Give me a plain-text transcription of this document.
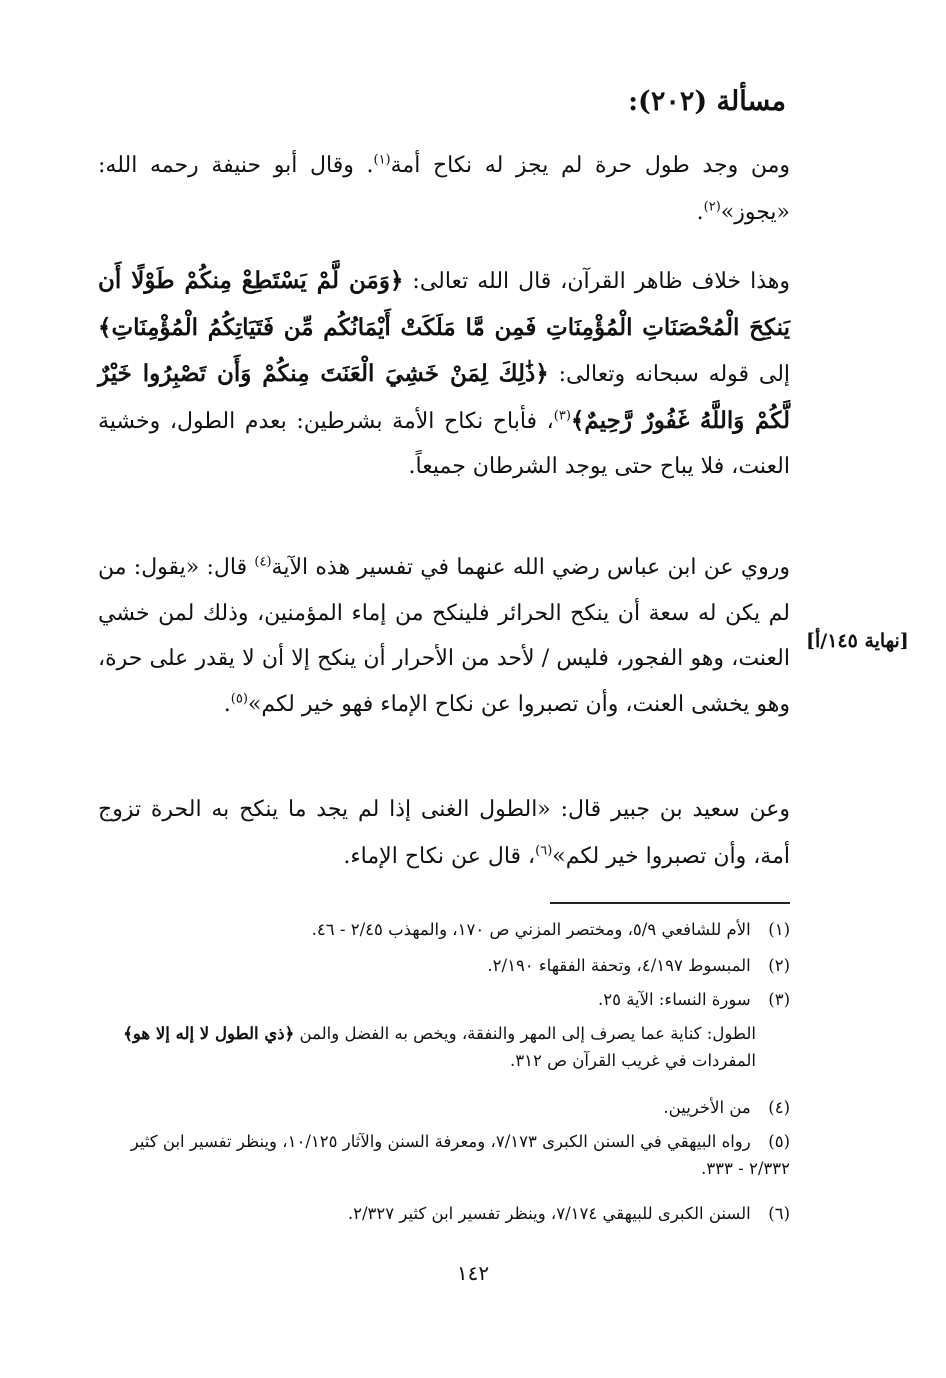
مسألة (٢٠٢):
ومن وجد طول حرة لم يجز له نكاح أمة$^{(١)}$. وقال أبو حنيفة رحمه الله: «يجوز»$^{(٢)}$.
وهذا خلاف ظاهر القرآن، قال الله تعالى: ﴿وَمَن لَّمْ يَسْتَطِعْ مِنكُمْ طَوْلًا أَن يَنكِحَ الْمُحْصَنَاتِ الْمُؤْمِنَاتِ فَمِن مَّا مَلَكَتْ أَيْمَانُكُم مِّن فَتَيَاتِكُمُ الْمُؤْمِنَاتِ﴾ إلى قوله سبحانه وتعالى: ﴿ذَٰلِكَ لِمَنْ خَشِيَ الْعَنَتَ مِنكُمْ وَأَن تَصْبِرُوا خَيْرٌ لَّكُمْ وَاللَّهُ غَفُورٌ رَّحِيمٌ﴾$^{(٣)}$، فأباح نكاح الأمة بشرطين: بعدم الطول، وخشية العنت، فلا يباح حتى يوجد الشرطان جميعاً.
وروي عن ابن عباس رضي الله عنهما في تفسير هذه الآية$^{(٤)}$ قال: «يقول: من لم يكن له سعة أن ينكح الحرائر فلينكح من إماء المؤمنين، وذلك لمن خشي العنت، وهو الفجور، فليس / لأحد من الأحرار أن ينكح إلا أن لا يقدر على حرة، وهو يخشى العنت، وأن تصبروا عن نكاح الإماء فهو خير لكم»$^{(٥)}$.
[نهاية ١٤٥/أ]
وعن سعيد بن جبير قال: «الطول الغنى إذا لم يجد ما ينكح به الحرة تزوج أمة، وأن تصبروا خير لكم»$^{(٦)}$، قال عن نكاح الإماء.
(١) الأم للشافعي ٥/٩، ومختصر المزني ص ١٧٠، والمهذب ٢/٤٥ - ٤٦.
(٢) المبسوط ٤/١٩٧، وتحفة الفقهاء ٢/١٩٠.
(٣) سورة النساء: الآية ٢٥.
الطول: كناية عما يصرف إلى المهر والنفقة، ويخص به الفضل والمن ﴿ذي الطول لا إله إلا هو﴾ المفردات في غريب القرآن ص ٣١٢.
(٤) من الأخريين.
(٥) رواه البيهقي في السنن الكبرى ٧/١٧٣، ومعرفة السنن والآثار ١٠/١٢٥، وينظر تفسير ابن كثير ٢/٣٣٢ - ٣٣٣.
(٦) السنن الكبرى للبيهقي ٧/١٧٤، وينظر تفسير ابن كثير ٢/٣٢٧.
١٤٢
